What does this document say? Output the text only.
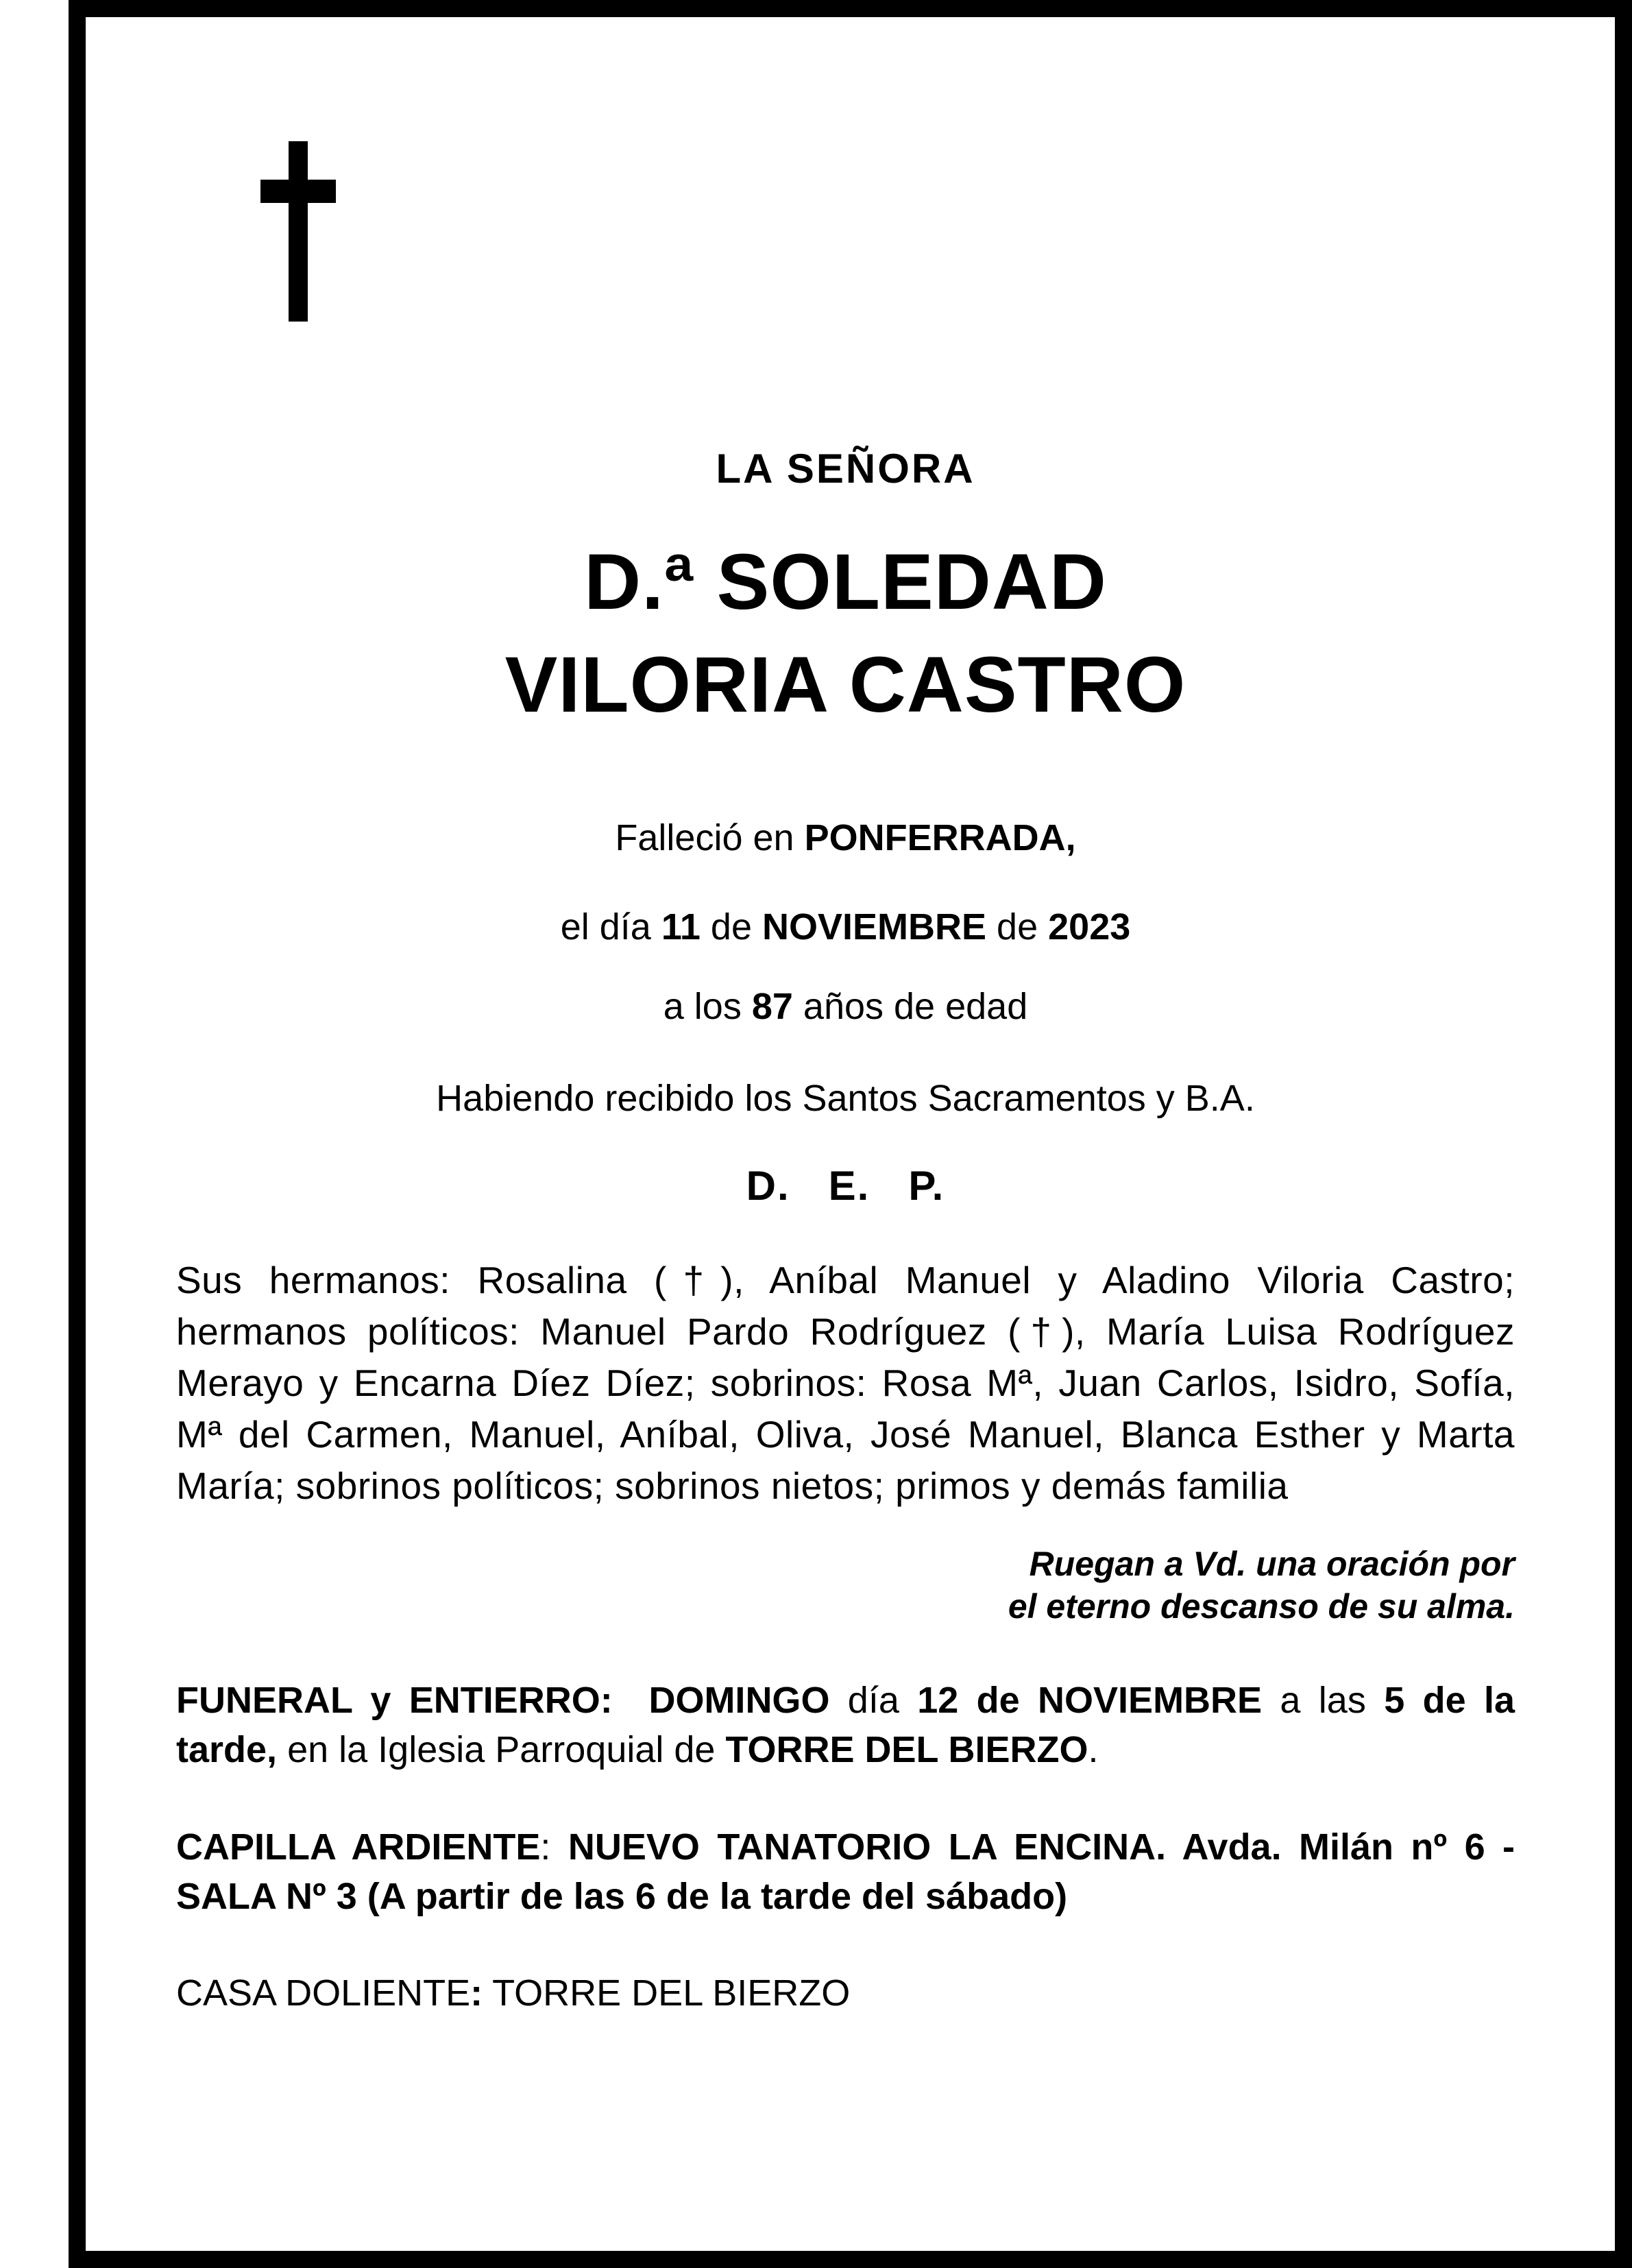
LA SEÑORA

D.ª SOLEDAD
VILORIA CASTRO

Falleció en PONFERRADA,

el día 11 de NOVIEMBRE de 2023

a los 87 años de edad

Habiendo recibido los Santos Sacramentos y B.A.

D.   E.   P.

Sus hermanos: Rosalina (†), Aníbal Manuel y Aladino Viloria Castro; hermanos políticos: Manuel Pardo Rodríguez (†), María Luisa Rodríguez Merayo y Encarna Díez Díez; sobrinos: Rosa Mª, Juan Carlos, Isidro, Sofía, Mª del Carmen, Manuel, Aníbal, Oliva, José Manuel, Blanca Esther y Marta María; sobrinos políticos; sobrinos nietos; primos y demás familia

Ruegan a Vd. una oración por
el eterno descanso de su alma.

FUNERAL y ENTIERRO:  DOMINGO día 12 de NOVIEMBRE a las 5 de la tarde, en la Iglesia Parroquial de TORRE DEL BIERZO.

CAPILLA ARDIENTE: NUEVO TANATORIO LA ENCINA. Avda. Milán nº 6 - SALA Nº 3 (A partir de las 6 de la tarde del sábado)

CASA DOLIENTE: TORRE DEL BIERZO
